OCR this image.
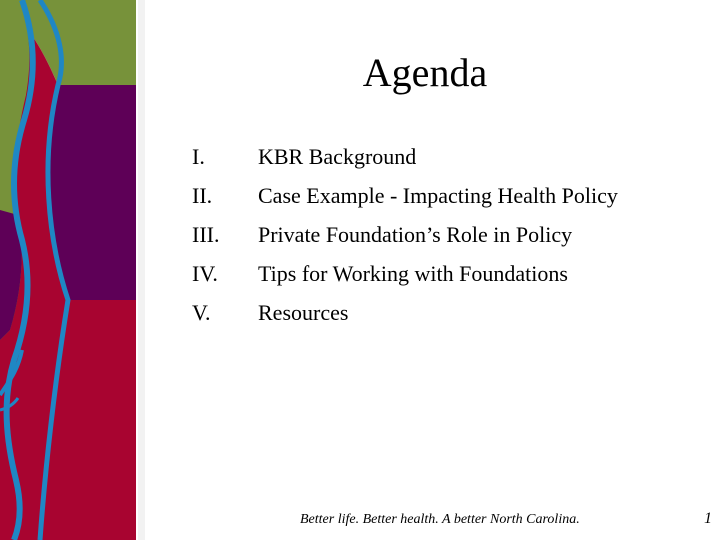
Agenda
I. KBR Background
II. Case Example - Impacting Health Policy
III. Private Foundation’s Role in Policy
IV. Tips for Working with Foundations
V. Resources
Better life. Better health. A better North Carolina.	1
